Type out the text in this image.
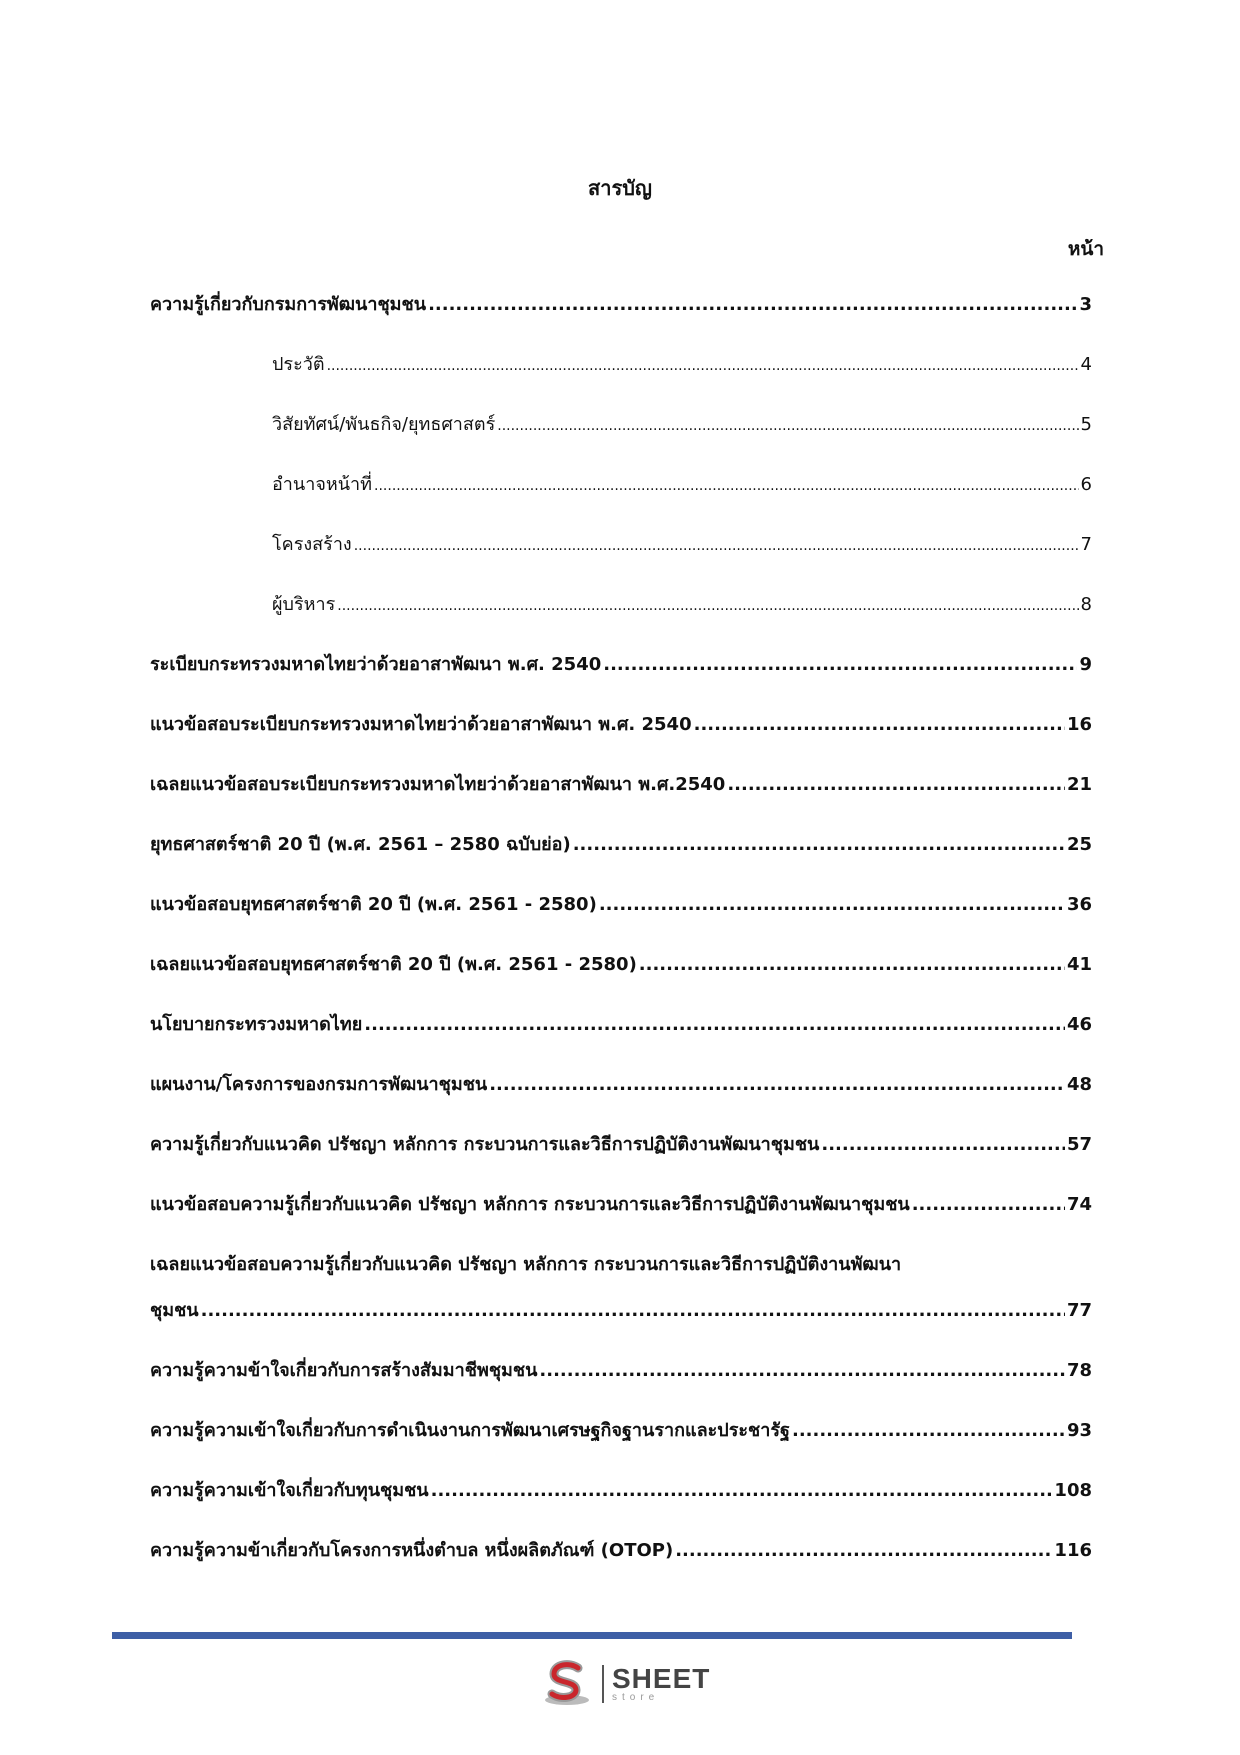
สารบัญ
หน้า
ความรู้เกี่ยวกับกรมการพัฒนาชุมชน .....	3
ประวัติ .....	4
วิสัยทัศน์/พันธกิจ/ยุทธศาสตร์ .....	5
อำนาจหน้าที่ .....	6
โครงสร้าง .....	7
ผู้บริหาร .....	8
ระเบียบกระทรวงมหาดไทยว่าด้วยอาสาพัฒนา พ.ศ. 2540 .....	9
แนวข้อสอบระเบียบกระทรวงมหาดไทยว่าด้วยอาสาพัฒนา พ.ศ. 2540 .....	16
เฉลยแนวข้อสอบระเบียบกระทรวงมหาดไทยว่าด้วยอาสาพัฒนา พ.ศ.2540 .....	21
ยุทธศาสตร์ชาติ 20 ปี (พ.ศ. 2561 – 2580 ฉบับย่อ) .....	25
แนวข้อสอบยุทธศาสตร์ชาติ 20 ปี (พ.ศ. 2561 - 2580) .....	36
เฉลยแนวข้อสอบยุทธศาสตร์ชาติ 20 ปี (พ.ศ. 2561 - 2580) .....	41
นโยบายกระทรวงมหาดไทย .....	46
แผนงาน/โครงการของกรมการพัฒนาชุมชน .....	48
ความรู้เกี่ยวกับแนวคิด ปรัชญา หลักการ กระบวนการและวิธีการปฏิบัติงานพัฒนาชุมชน .....	57
แนวข้อสอบความรู้เกี่ยวกับแนวคิด ปรัชญา หลักการ กระบวนการและวิธีการปฏิบัติงานพัฒนาชุมชน .....	74
เฉลยแนวข้อสอบความรู้เกี่ยวกับแนวคิด ปรัชญา หลักการ กระบวนการและวิธีการปฏิบัติงานพัฒนา
ชุมชน .....	77
ความรู้ความข้าใจเกี่ยวกับการสร้างสัมมาชีพชุมชน .....	78
ความรู้ความเข้าใจเกี่ยวกับการดำเนินงานการพัฒนาเศรษฐกิจฐานรากและประชารัฐ .....	93
ความรู้ความเข้าใจเกี่ยวกับทุนชุมชน .....	108
ความรู้ความข้าเกี่ยวกับโครงการหนึ่งตำบล หนึ่งผลิตภัณฑ์ (OTOP) .....	116
SHEET
store
